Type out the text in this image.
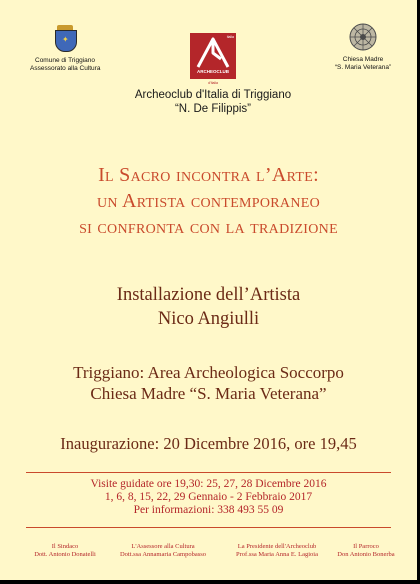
✦
Comune di Triggiano
Assessorato alla Cultura
italia
ARCHEOCLUB
d'Italia
Chiesa Madre
“S. Maria Veterana”
Archeoclub d'Italia di Triggiano
“N. De Filippis”
Il Sacro incontra l’Arte:
un Artista contemporaneo
si confronta con la tradizione
Installazione dell’Artista
Nico Angiulli
Triggiano: Area Archeologica Soccorpo
Chiesa Madre “S. Maria Veterana”
Inaugurazione: 20 Dicembre 2016, ore 19,45
Visite guidate ore 19,30: 25, 27, 28 Dicembre 2016
1, 6, 8, 15, 22, 29 Gennaio - 2 Febbraio 2017
Per informazioni: 338 493 55 09
Il Sindaco
Dott. Antonio Donatelli
L'Assessore alla Cultura
Dott.ssa Annamaria Campobasso
La Presidente dell'Archeoclub
Prof.ssa Maria Anna E. Lagioia
Il Parroco
Don Antonio Bonerba
